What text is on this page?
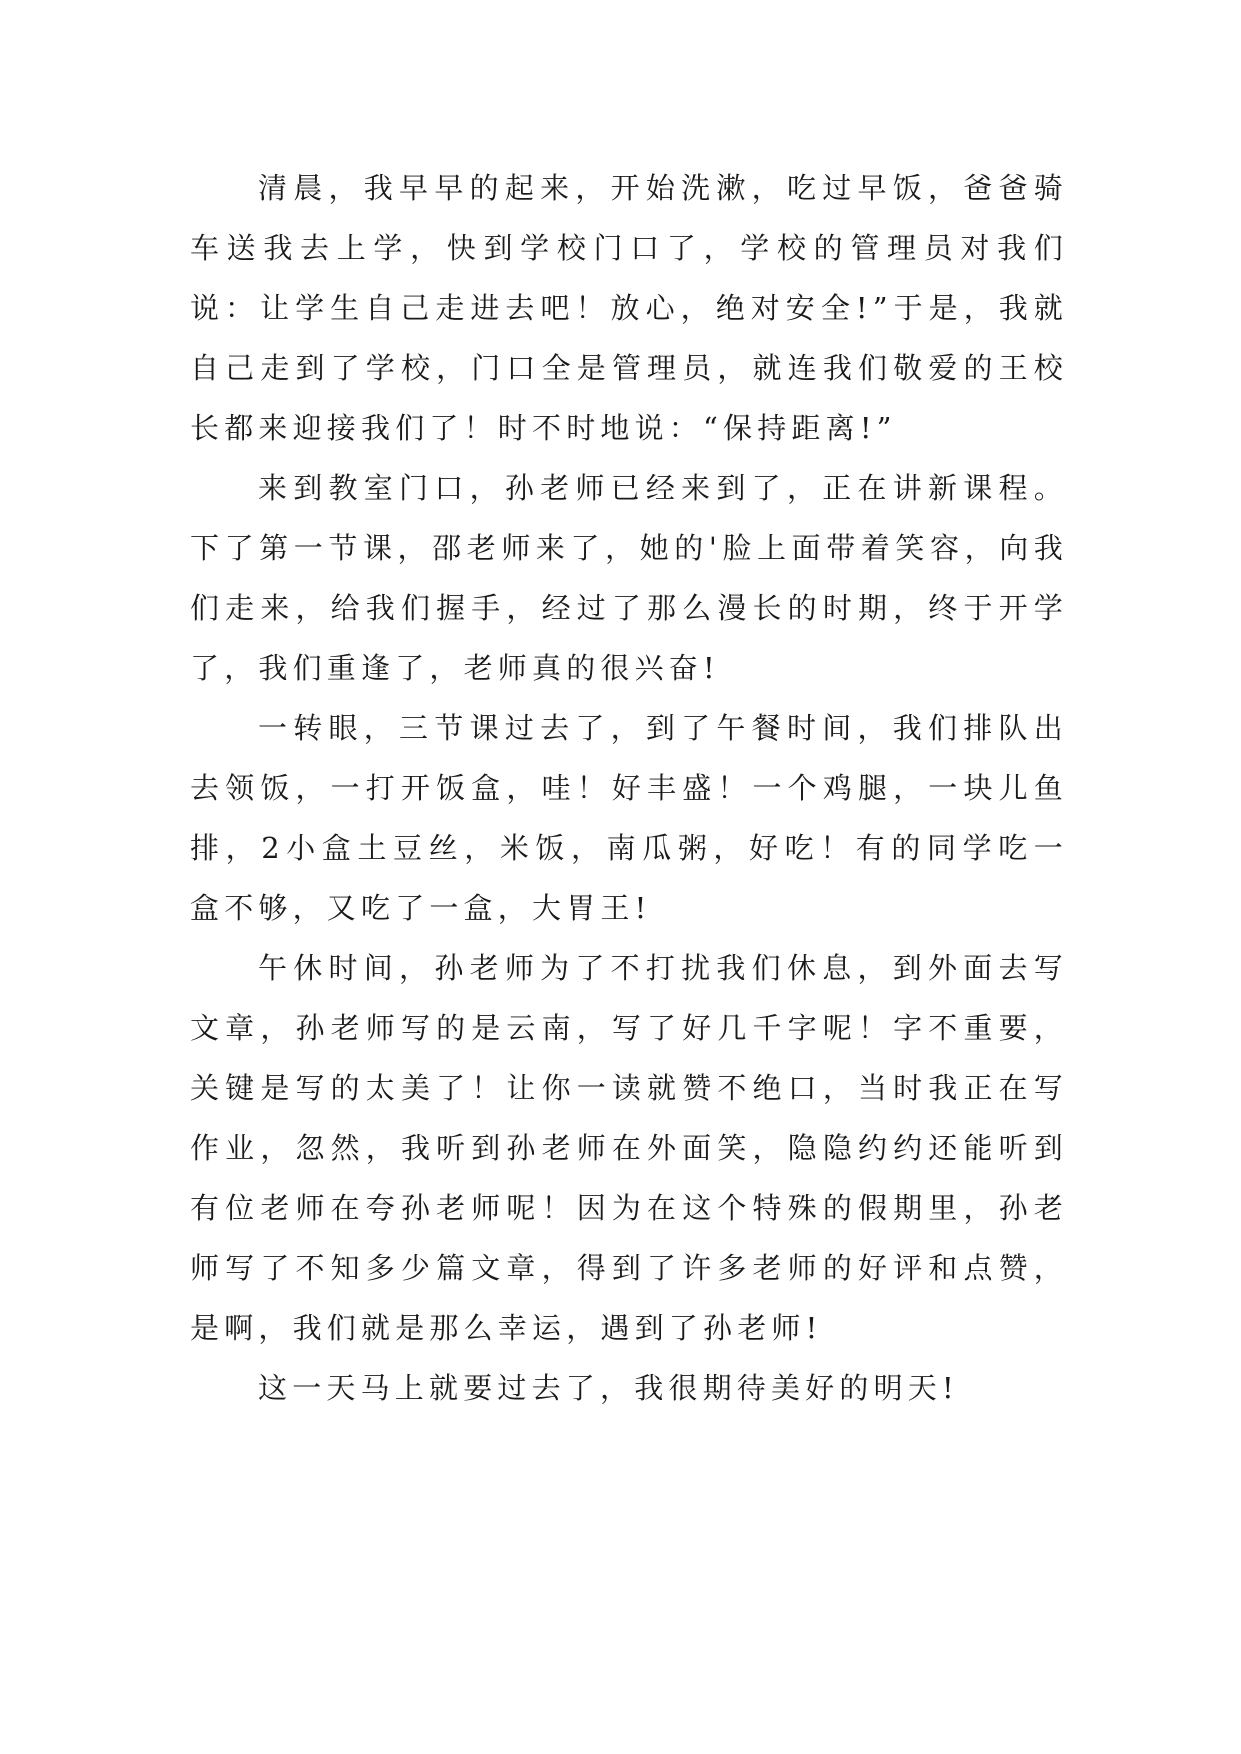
清晨，我早早的起来，开始洗漱，吃过早饭，爸爸骑车送我去上学，快到学校门口了，学校的管理员对我们说：让学生自己走进去吧！放心，绝对安全!”于是，我就自己走到了学校，门口全是管理员，就连我们敬爱的王校长都来迎接我们了！时不时地说：“保持距离!”

来到教室门口，孙老师已经来到了，正在讲新课程。下了第一节课，邵老师来了，她的'脸上面带着笑容，向我们走来，给我们握手，经过了那么漫长的时期，终于开学了，我们重逢了，老师真的很兴奋!

一转眼，三节课过去了，到了午餐时间，我们排队出去领饭，一打开饭盒，哇！好丰盛！一个鸡腿，一块儿鱼排，2小盒土豆丝，米饭，南瓜粥，好吃！有的同学吃一盒不够，又吃了一盒，大胃王!

午休时间，孙老师为了不打扰我们休息，到外面去写文章，孙老师写的是云南，写了好几千字呢！字不重要，关键是写的太美了！让你一读就赞不绝口，当时我正在写作业，忽然，我听到孙老师在外面笑，隐隐约约还能听到有位老师在夸孙老师呢！因为在这个特殊的假期里，孙老师写了不知多少篇文章，得到了许多老师的好评和点赞，是啊，我们就是那么幸运，遇到了孙老师!

这一天马上就要过去了，我很期待美好的明天!
